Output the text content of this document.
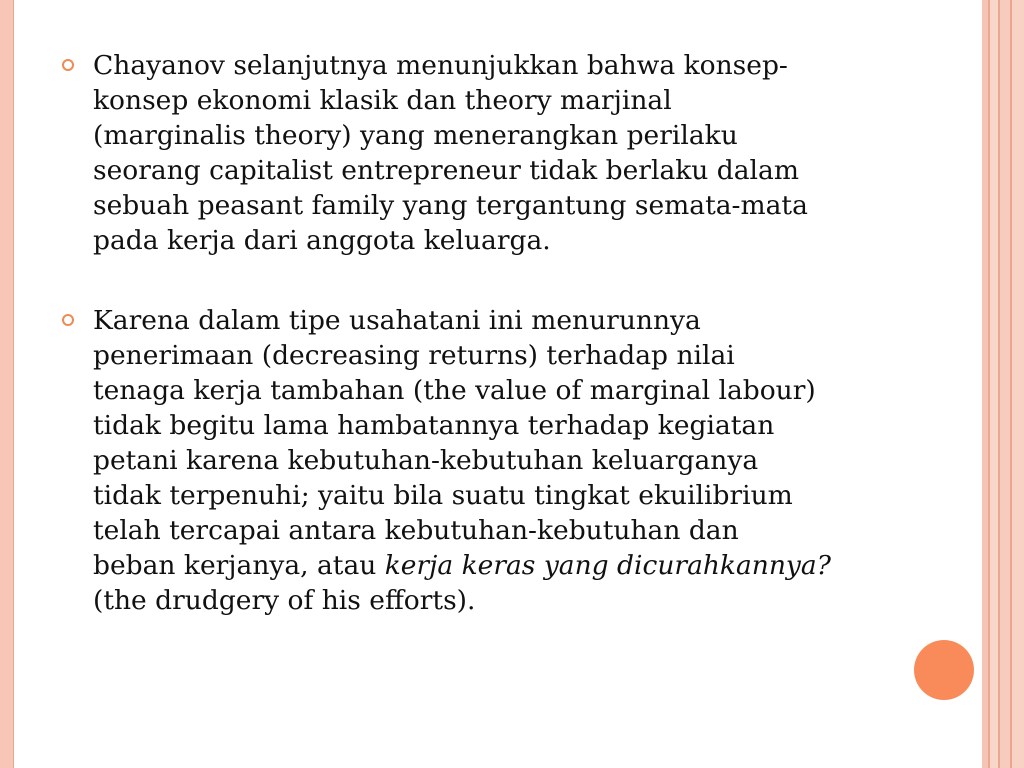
Chayanov selanjutnya menunjukkan bahwa konsep-
konsep ekonomi klasik dan theory marjinal
(marginalis theory) yang menerangkan perilaku
seorang capitalist entrepreneur tidak berlaku dalam
sebuah peasant family yang tergantung semata-mata
pada kerja dari anggota keluarga.
Karena dalam tipe usahatani ini menurunnya
penerimaan (decreasing returns) terhadap nilai
tenaga kerja tambahan (the value of marginal labour)
tidak begitu lama hambatannya terhadap kegiatan
petani karena kebutuhan-kebutuhan keluarganya
tidak terpenuhi; yaitu bila suatu tingkat ekuilibrium
telah tercapai antara kebutuhan-kebutuhan dan
beban kerjanya, atau kerja keras yang dicurahkannya?
(the drudgery of his efforts).
